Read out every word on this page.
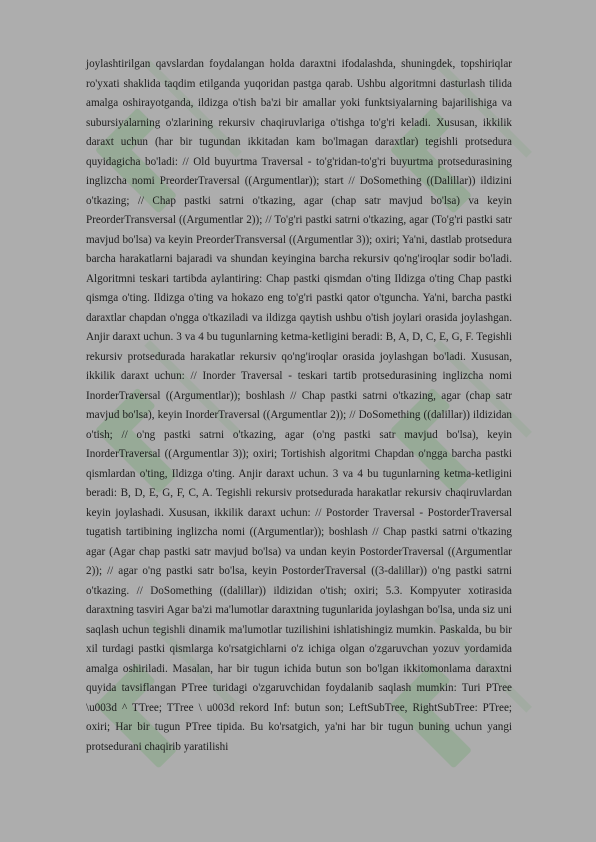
joylashtirilgan qavslardan foydalangan holda daraxtni ifodalashda, shuningdek, topshiriqlar ro'yxati shaklida taqdim etilganda yuqoridan pastga qarab. Ushbu algoritmni dasturlash tilida amalga oshirayotganda, ildizga o'tish ba'zi bir amallar yoki funktsiyalarning bajarilishiga va subursiyalarning o'zlarining rekursiv chaqiruvlariga o'tishga to'g'ri keladi. Xususan, ikkilik daraxt uchun (har bir tugundan ikkitadan kam bo'lmagan daraxtlar) tegishli protsedura quyidagicha bo'ladi: // Old buyurtma Traversal - to'g'ridan-to'g'ri buyurtma protsedurasining inglizcha nomi PreorderTraversal ((Argumentlar)); start // DoSomething ((Dalillar)) ildizini o'tkazing; // Chap pastki satrni o'tkazing, agar (chap satr mavjud bo'lsa) va keyin PreorderTransversal ((Argumentlar 2)); // To'g'ri pastki satrni o'tkazing, agar (To'g'ri pastki satr mavjud bo'lsa) va keyin PreorderTransversal ((Argumentlar 3)); oxiri; Ya'ni, dastlab protsedura barcha harakatlarni bajaradi va shundan keyingina barcha rekursiv qo'ng'iroqlar sodir bo'ladi. Algoritmni teskari tartibda aylantiring: Chap pastki qismdan o'ting Ildizga o'ting Chap pastki qismga o'ting. Ildizga o'ting va hokazo eng to'g'ri pastki qator o'tguncha. Ya'ni, barcha pastki daraxtlar chapdan o'ngga o'tkaziladi va ildizga qaytish ushbu o'tish joylari orasida joylashgan. Anjir daraxt uchun. 3 va 4 bu tugunlarning ketma-ketligini beradi: B, A, D, C, E, G, F. Tegishli rekursiv protsedurada harakatlar rekursiv qo'ng'iroqlar orasida joylashgan bo'ladi. Xususan, ikkilik daraxt uchun: // Inorder Traversal - teskari tartib protsedurasining inglizcha nomi InorderTraversal ((Argumentlar)); boshlash // Chap pastki satrni o'tkazing, agar (chap satr mavjud bo'lsa), keyin InorderTraversal ((Argumentlar 2)); // DoSomething ((dalillar)) ildizidan o'tish; // o'ng pastki satrni o'tkazing, agar (o'ng pastki satr mavjud bo'lsa), keyin InorderTraversal ((Argumentlar 3)); oxiri; Tortishish algoritmi Chapdan o'ngga barcha pastki qismlardan o'ting, Ildizga o'ting. Anjir daraxt uchun. 3 va 4 bu tugunlarning ketma-ketligini beradi: B, D, E, G, F, C, A. Tegishli rekursiv protsedurada harakatlar rekursiv chaqiruvlardan keyin joylashadi. Xususan, ikkilik daraxt uchun: // Postorder Traversal - PostorderTraversal tugatish tartibining inglizcha nomi ((Argumentlar)); boshlash // Chap pastki satrni o'tkazing agar (Agar chap pastki satr mavjud bo'lsa) va undan keyin PostorderTraversal ((Argumentlar 2)); // agar o'ng pastki satr bo'lsa, keyin PostorderTraversal ((3-dalillar)) o'ng pastki satrni o'tkazing. // DoSomething ((dalillar)) ildizidan o'tish; oxiri; 5.3. Kompyuter xotirasida daraxtning tasviri Agar ba'zi ma'lumotlar daraxtning tugunlarida joylashgan bo'lsa, unda siz uni saqlash uchun tegishli dinamik ma'lumotlar tuzilishini ishlatishingiz mumkin. Paskalda, bu bir xil turdagi pastki qismlarga ko'rsatgichlarni o'z ichiga olgan o'zgaruvchan yozuv yordamida amalga oshiriladi. Masalan, har bir tugun ichida butun son bo'lgan ikkitomonlama daraxtni quyida tavsiflangan PTree turidagi o'zgaruvchidan foydalanib saqlash mumkin: Turi PTree \u003d ^ TTree; TTree \ u003d rekord Inf: butun son; LeftSubTree, RightSubTree: PTree; oxiri; Har bir tugun PTree tipida. Bu ko'rsatgich, ya'ni har bir tugun buning uchun yangi protsedurani chaqirib yaratilishi
